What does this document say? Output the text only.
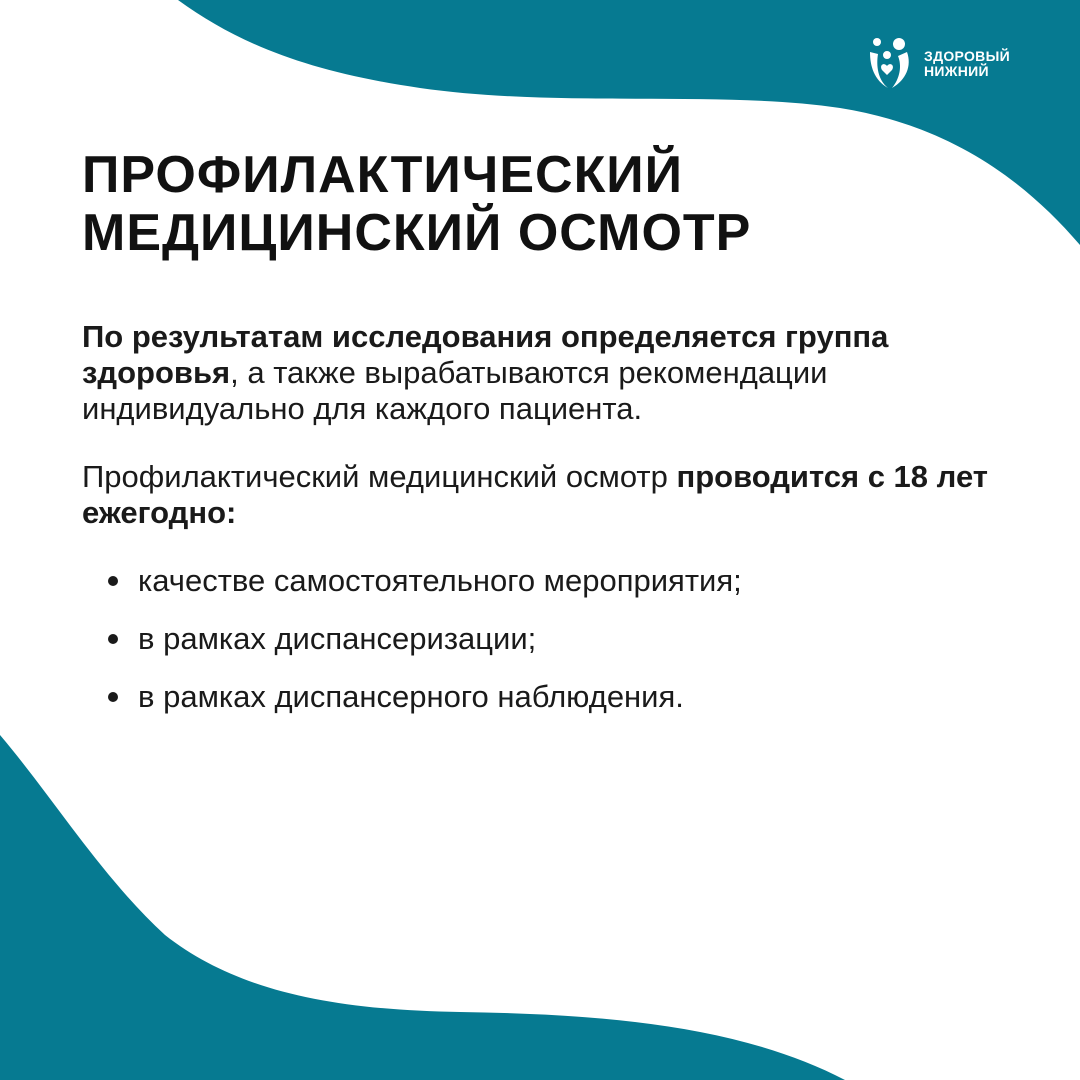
ЗДОРОВЫЙ
НИЖНИЙ
ПРОФИЛАКТИЧЕСКИЙ
МЕДИЦИНСКИЙ ОСМОТР

По результатам исследования определяется группа здоровья, а также вырабатываются рекомендации индивидуально для каждого пациента.

Профилактический медицинский осмотр проводится с 18 лет ежегодно:

качестве самостоятельного мероприятия;
в рамках диспансеризации;
в рамках диспансерного наблюдения.
